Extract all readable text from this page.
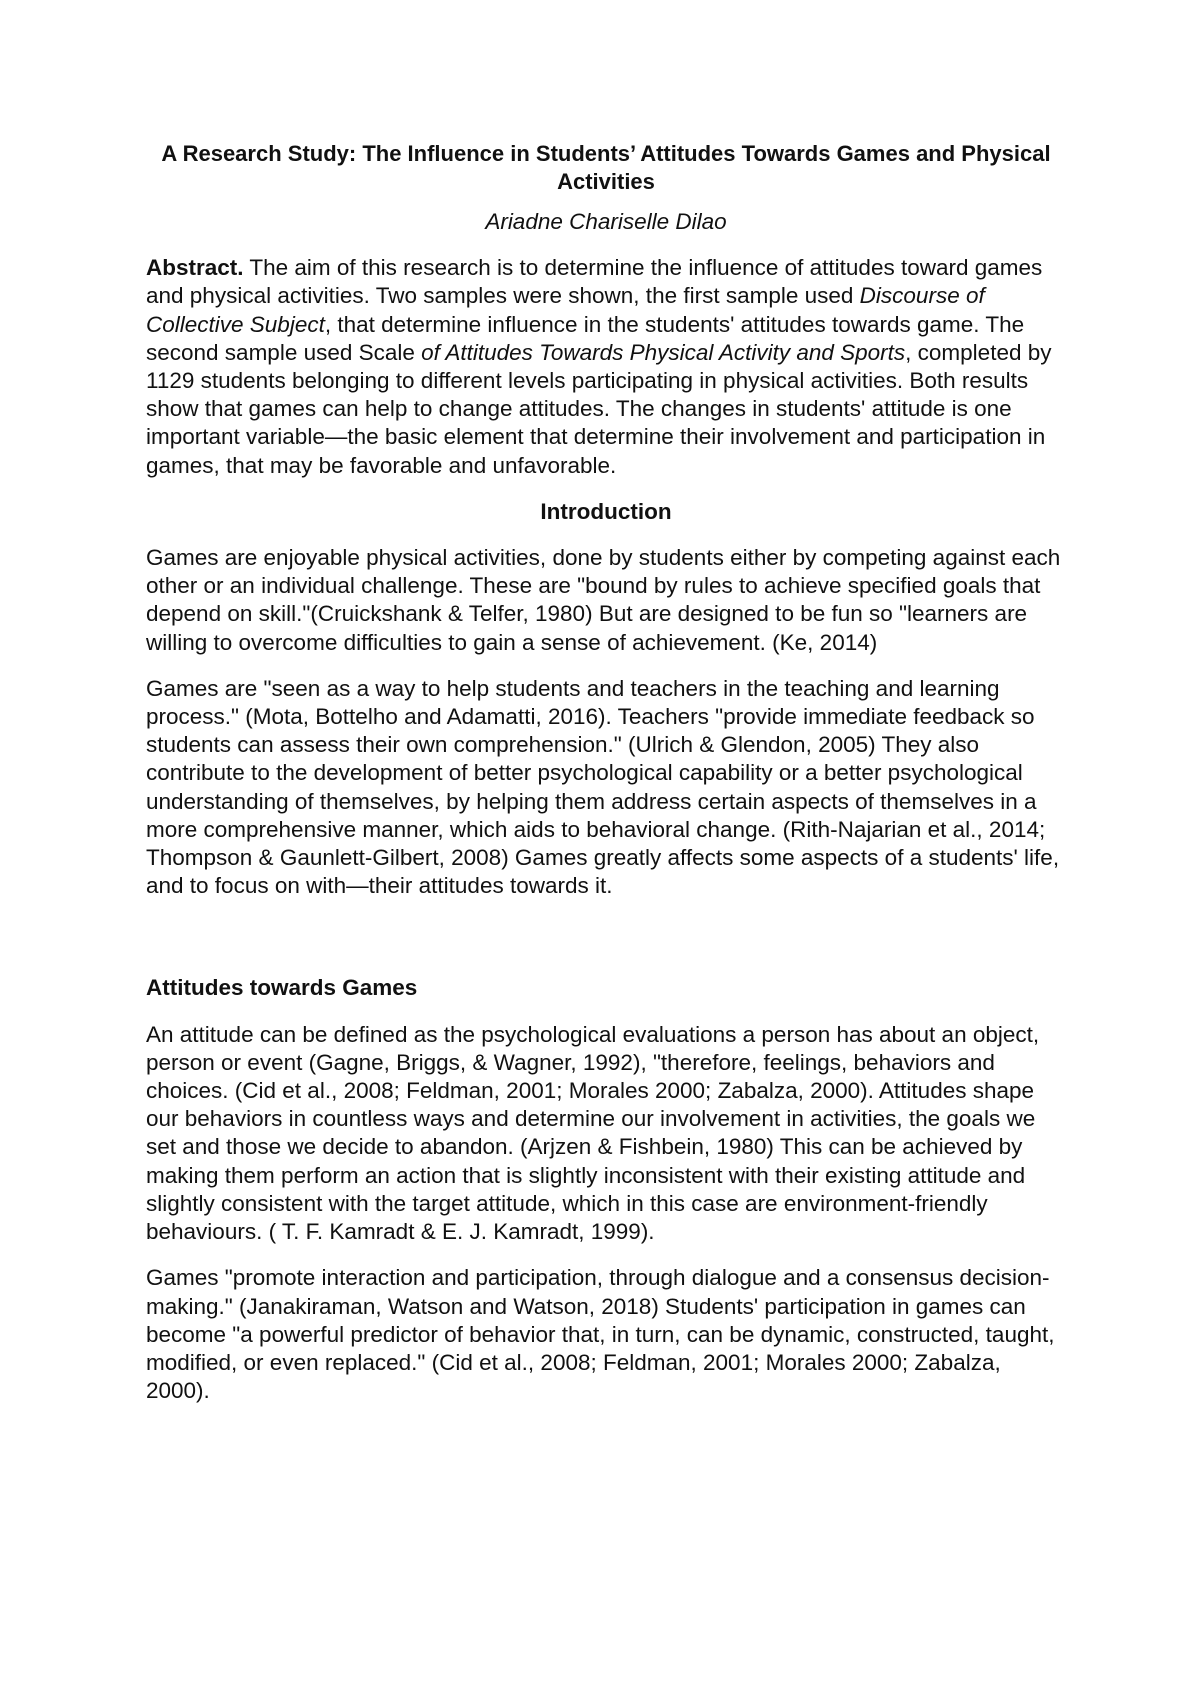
A Research Study: The Influence in Students’ Attitudes Towards Games and Physical Activities
Ariadne Chariselle Dilao

Abstract. The aim of this research is to determine the influence of attitudes toward games and physical activities. Two samples were shown, the first sample used Discourse of Collective Subject, that determine influence in the students' attitudes towards game. The second sample used Scale of Attitudes Towards Physical Activity and Sports, completed by 1129 students belonging to different levels participating in physical activities. Both results show that games can help to change attitudes. The changes in students' attitude is one important variable—the basic element that determine their involvement and participation in games, that may be favorable and unfavorable.

Introduction

Games are enjoyable physical activities, done by students either by competing against each other or an individual challenge. These are "bound by rules to achieve specified goals that depend on skill."(Cruickshank & Telfer, 1980) But are designed to be fun so "learners are willing to overcome difficulties to gain a sense of achievement. (Ke, 2014)

Games are "seen as a way to help students and teachers in the teaching and learning process." (Mota, Bottelho and Adamatti, 2016). Teachers "provide immediate feedback so students can assess their own comprehension." (Ulrich & Glendon, 2005) They also contribute to the development of better psychological capability or a better psychological understanding of themselves, by helping them address certain aspects of themselves in a more comprehensive manner, which aids to behavioral change. (Rith-Najarian et al., 2014; Thompson & Gaunlett-Gilbert, 2008) Games greatly affects some aspects of a students' life, and to focus on with—their attitudes towards it.

Attitudes towards Games

An attitude can be defined as the psychological evaluations a person has about an object, person or event (Gagne, Briggs, & Wagner, 1992), "therefore, feelings, behaviors and choices. (Cid et al., 2008; Feldman, 2001; Morales 2000; Zabalza, 2000). Attitudes shape our behaviors in countless ways and determine our involvement in activities, the goals we set and those we decide to abandon. (Arjzen & Fishbein, 1980) This can be achieved by making them perform an action that is slightly inconsistent with their existing attitude and slightly consistent with the target attitude, which in this case are environment-friendly behaviours. ( T. F. Kamradt & E. J. Kamradt, 1999).

Games "promote interaction and participation, through dialogue and a consensus decision-making." (Janakiraman, Watson and Watson, 2018) Students' participation in games can become "a powerful predictor of behavior that, in turn, can be dynamic, constructed, taught, modified, or even replaced." (Cid et al., 2008; Feldman, 2001; Morales 2000; Zabalza, 2000).
